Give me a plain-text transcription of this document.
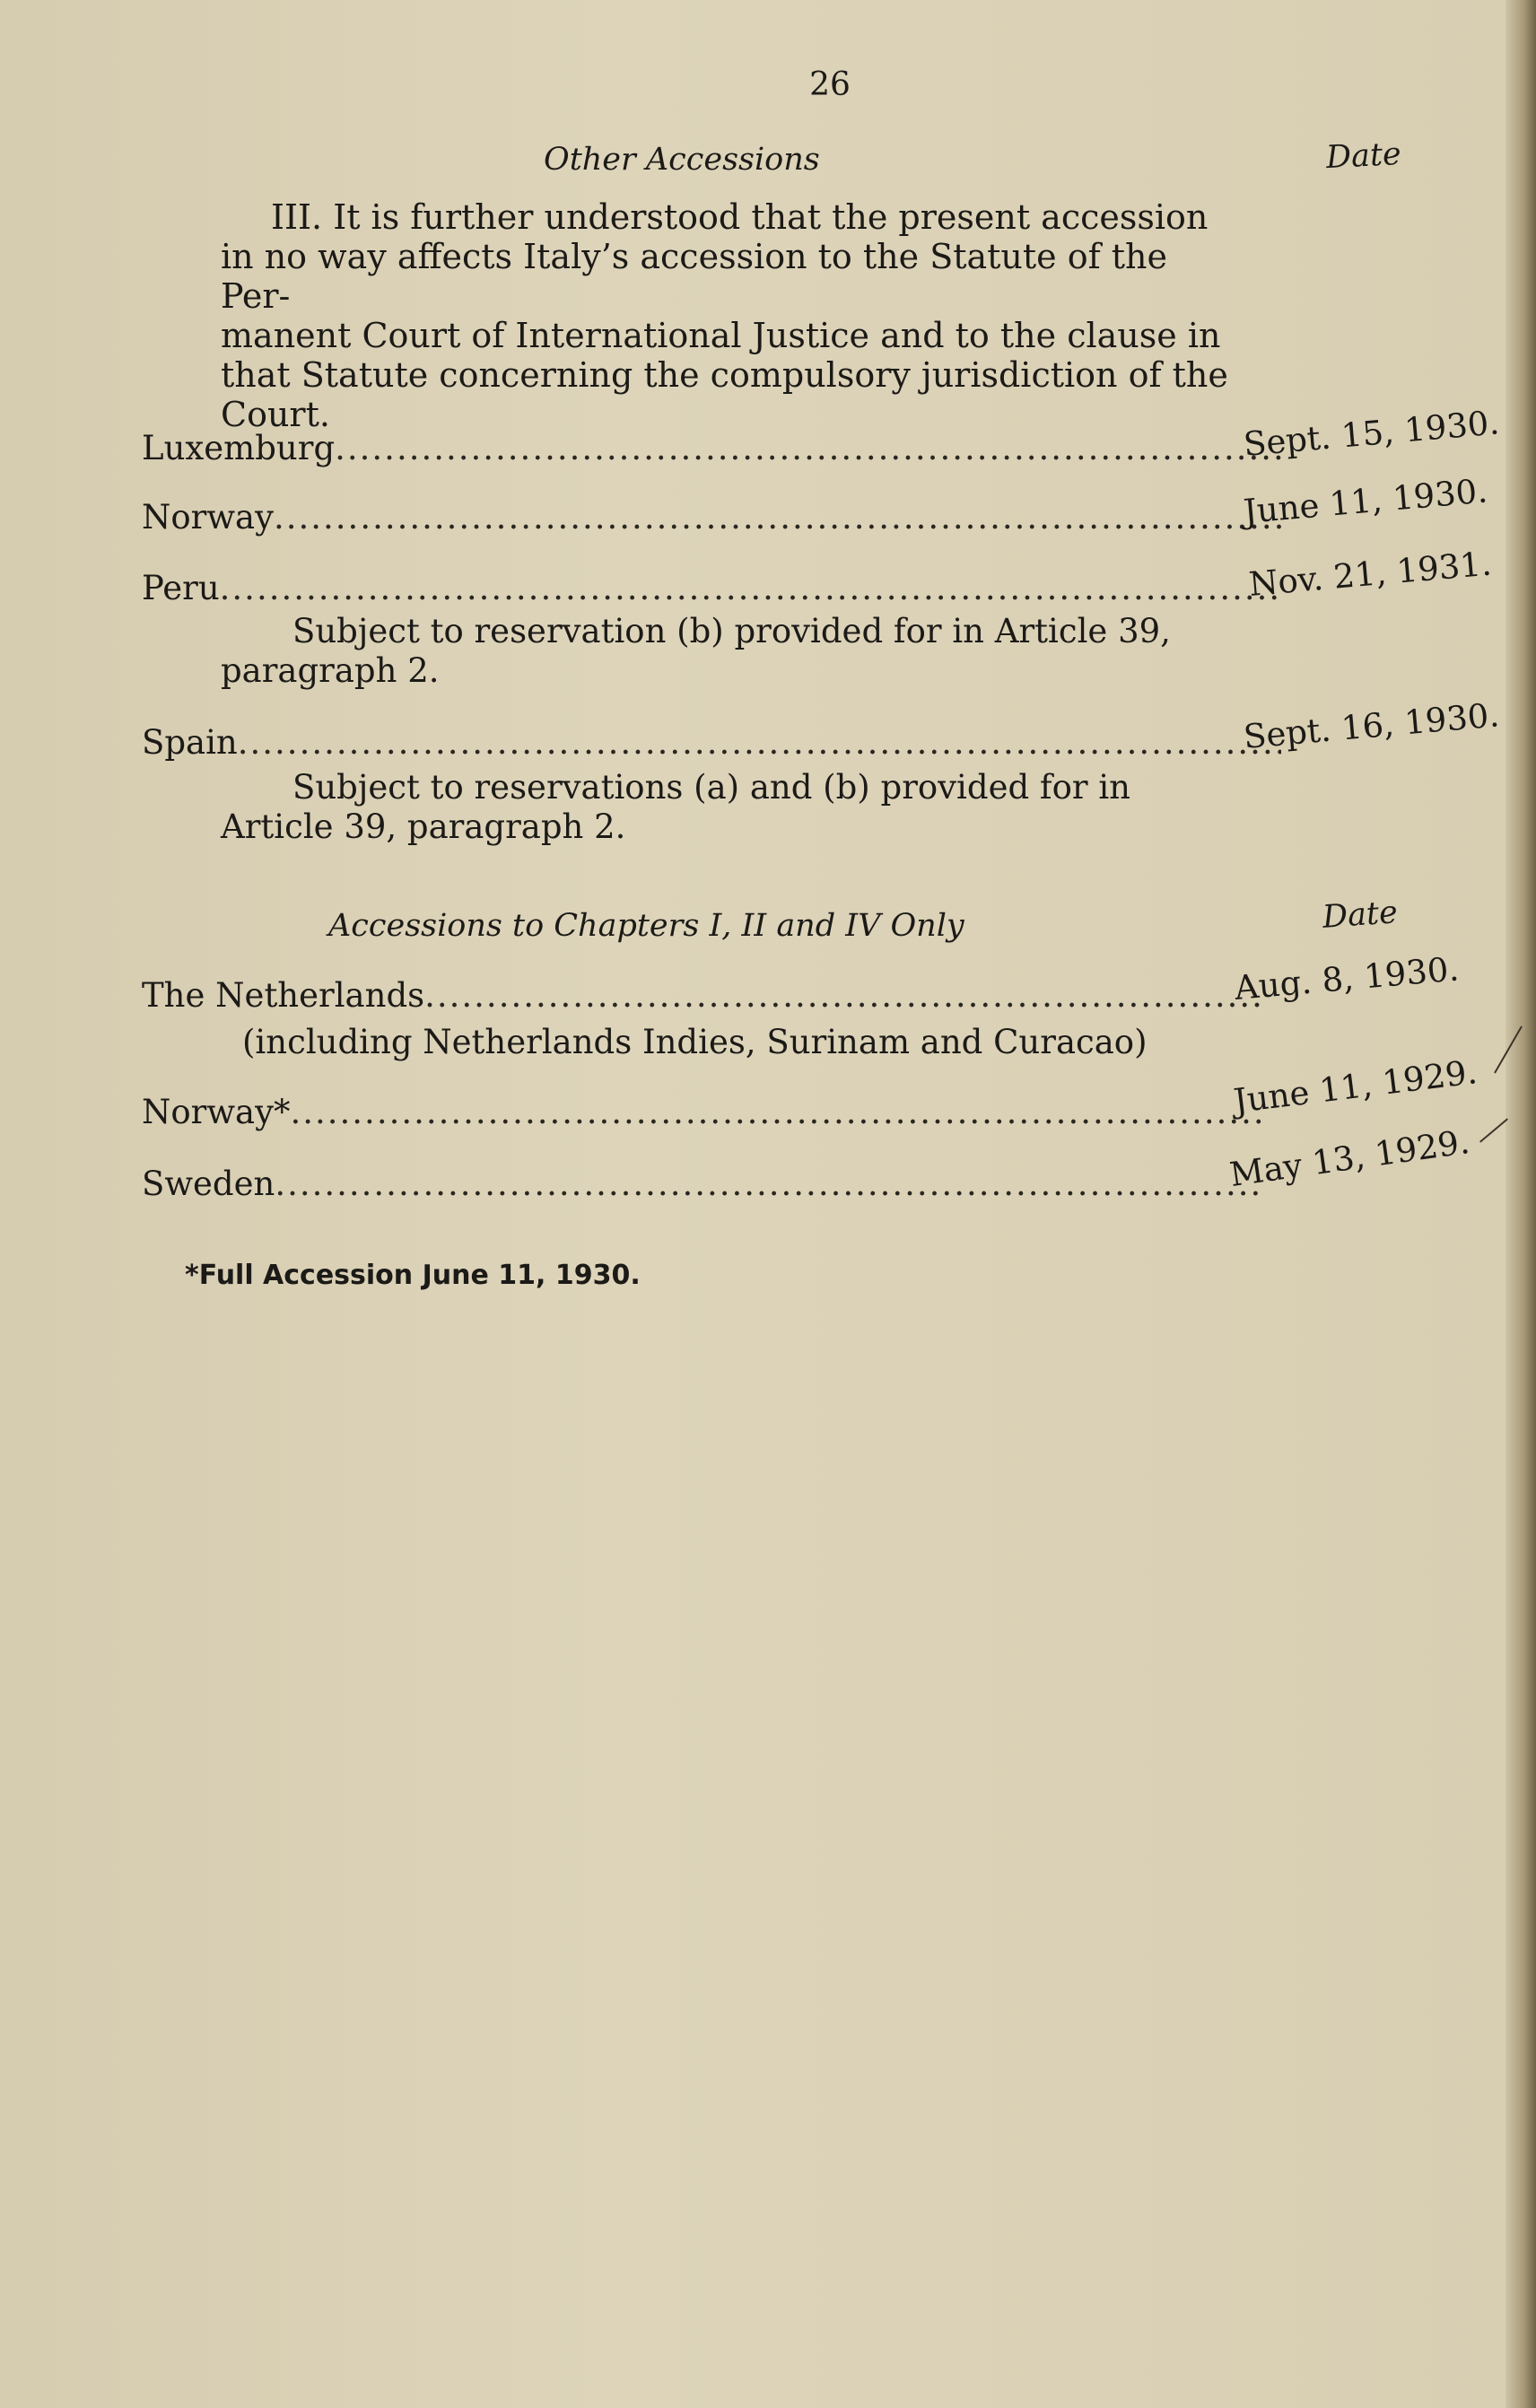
26
Other Accessions	Date
III. It is further understood that the present accession
in no way affects Italy’s accession to the Statute of the Per-
manent Court of International Justice and to the clause in
that Statute concerning the compulsory jurisdiction of the
Court.
Luxemburg .....	Sept. 15, 1930.
Norway .....	June 11, 1930.
Peru .....	Nov. 21, 1931.
Subject to reservation (b) provided for in Article 39,
paragraph 2.
Spain .....	Sept. 16, 1930.
Subject to reservations (a) and (b) provided for in
Article 39, paragraph 2.
Accessions to Chapters I, II and IV Only	Date
The Netherlands .....	Aug. 8, 1930.
(including Netherlands Indies, Surinam and Curacao)
Norway* .....	June 11, 1929.
Sweden .....	May 13, 1929.
*Full Accession June 11, 1930.
